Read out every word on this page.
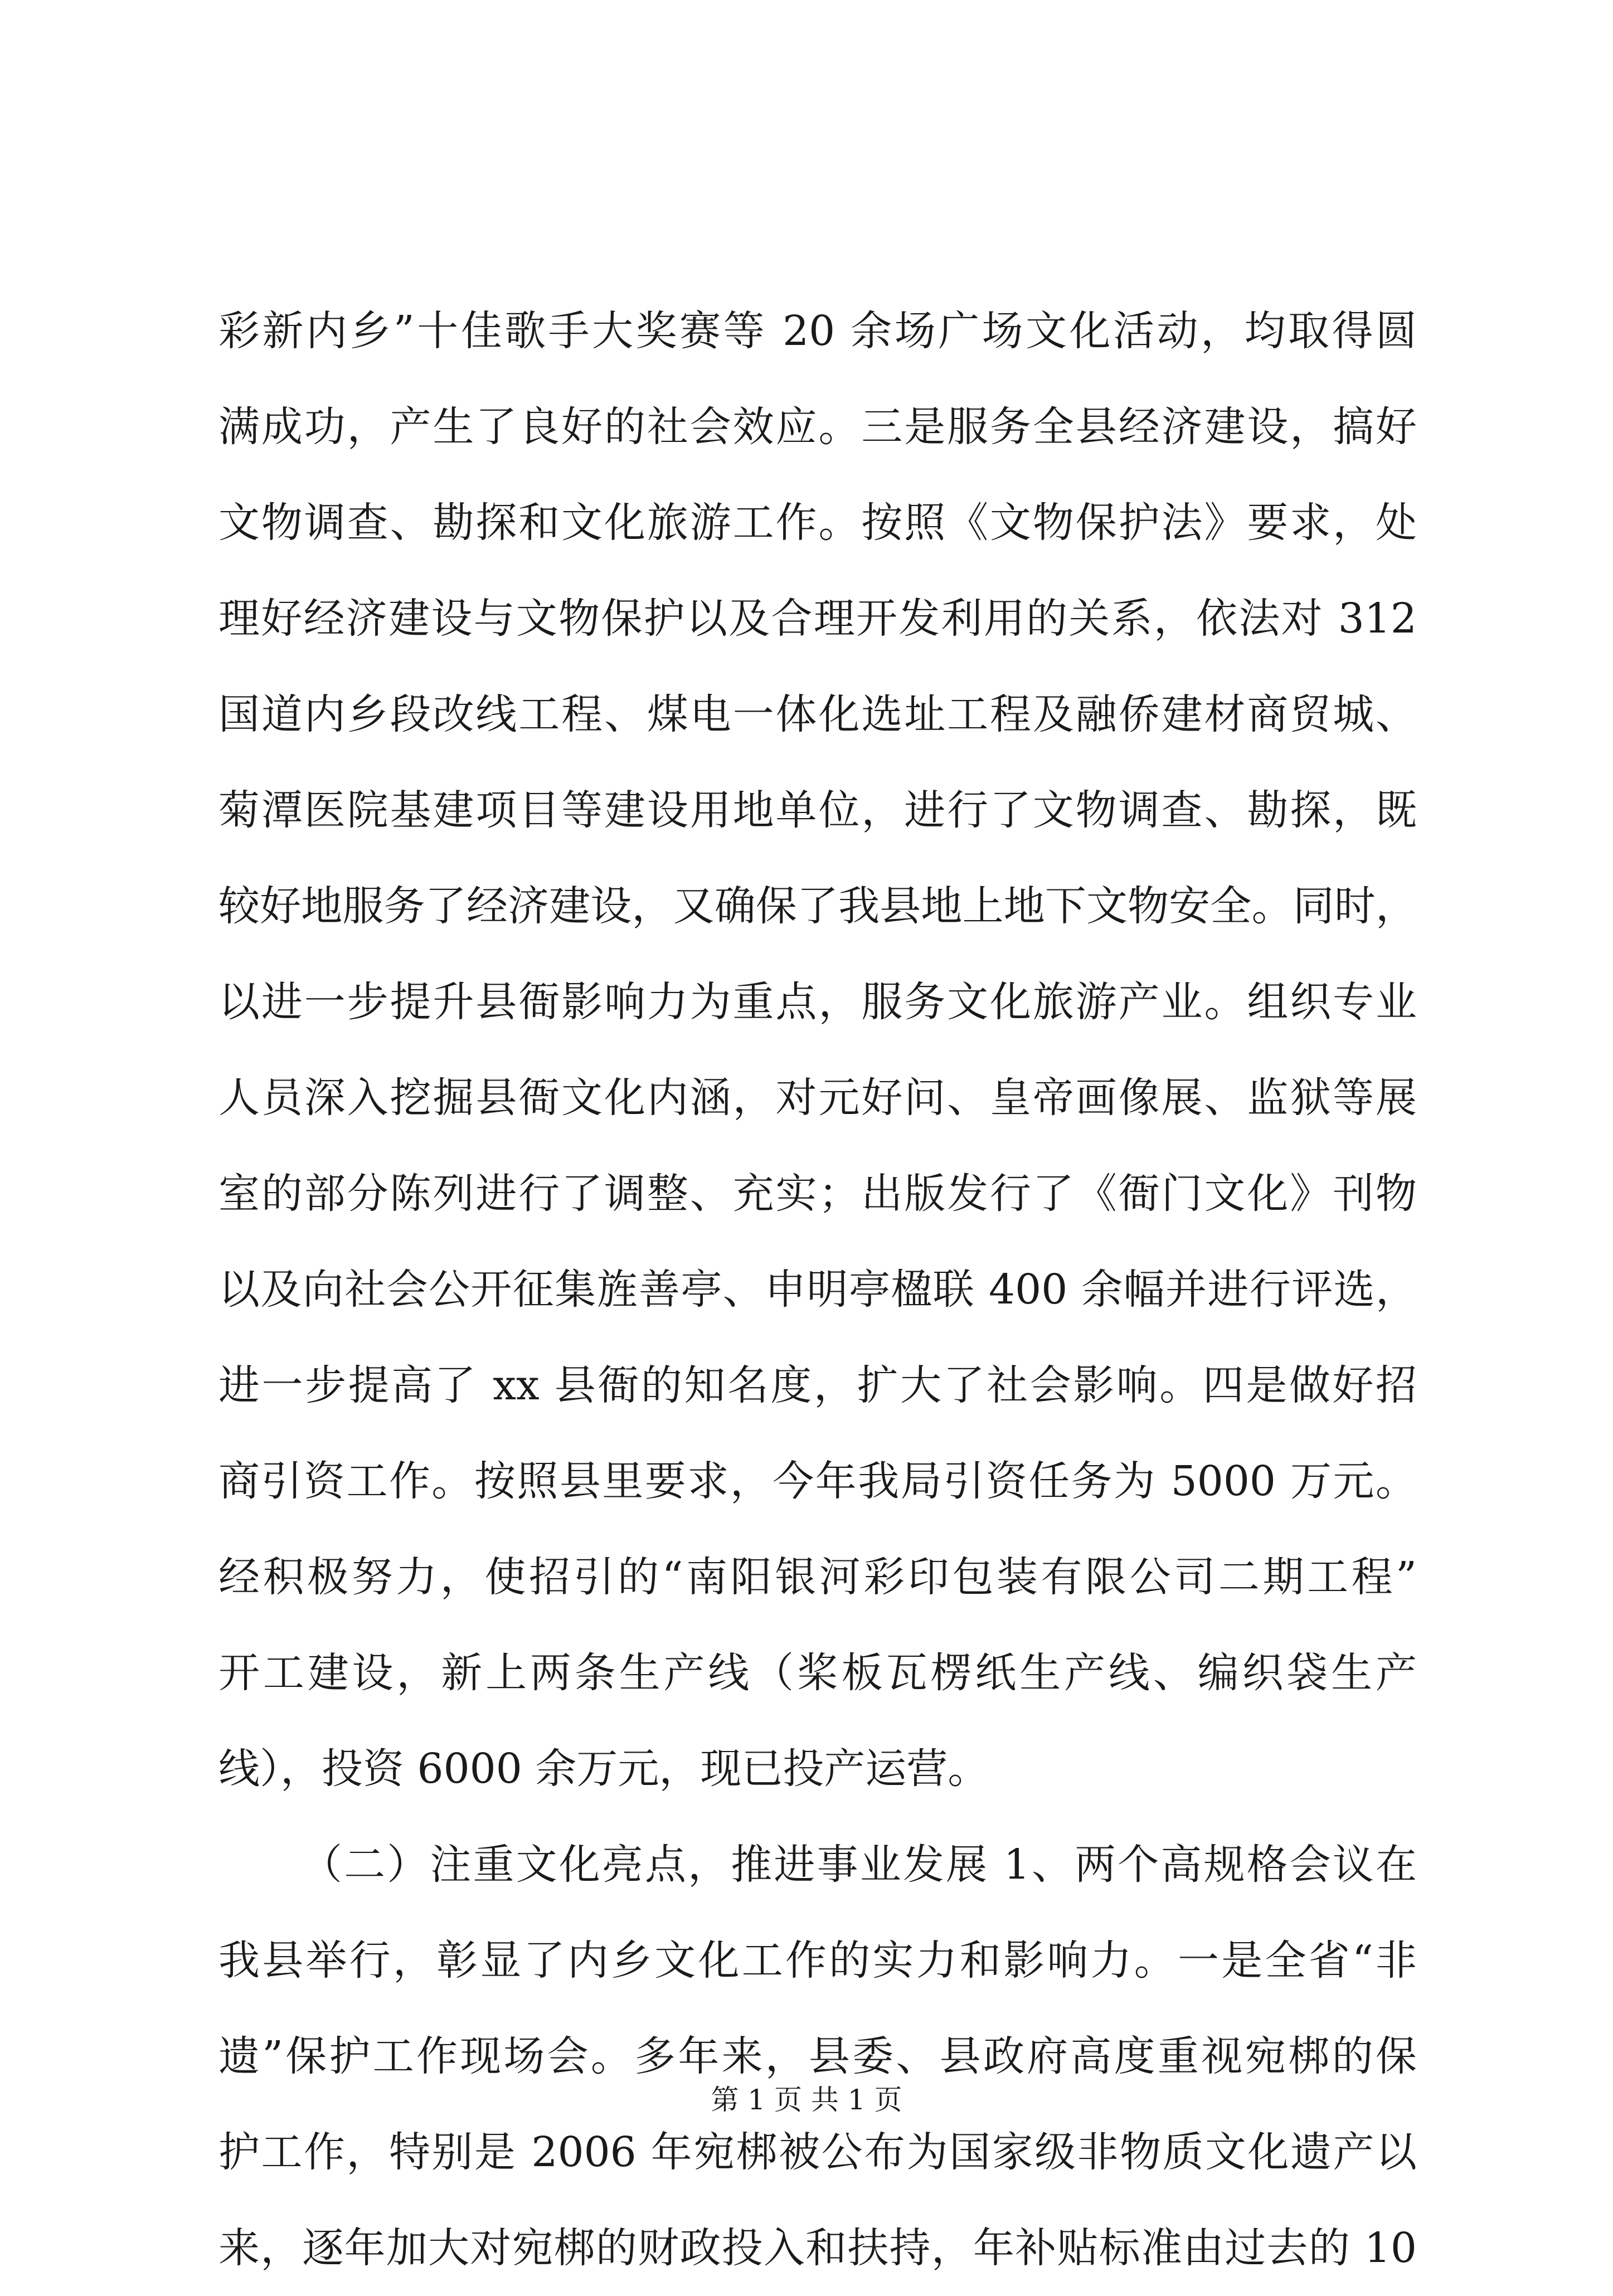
彩新内乡”十佳歌手大奖赛等 20 余场广场文化活动，均取得圆
满成功，产生了良好的社会效应。三是服务全县经济建设，搞好
文物调查、勘探和文化旅游工作。按照《文物保护法》要求，处
理好经济建设与文物保护以及合理开发利用的关系，依法对 312
国道内乡段改线工程、煤电一体化选址工程及融侨建材商贸城、
菊潭医院基建项目等建设用地单位，进行了文物调查、勘探，既
较好地服务了经济建设，又确保了我县地上地下文物安全。同时，
以进一步提升县衙影响力为重点，服务文化旅游产业。组织专业
人员深入挖掘县衙文化内涵，对元好问、皇帝画像展、监狱等展
室的部分陈列进行了调整、充实；出版发行了《衙门文化》刊物
以及向社会公开征集旌善亭、申明亭楹联 400 余幅并进行评选，
进一步提高了 xx 县衙的知名度，扩大了社会影响。四是做好招
商引资工作。按照县里要求，今年我局引资任务为 5000 万元。
经积极努力，使招引的“南阳银河彩印包装有限公司二期工程”
开工建设，新上两条生产线（桨板瓦楞纸生产线、编织袋生产
线），投资 6000 余万元，现已投产运营。
（二）注重文化亮点，推进事业发展 1、两个高规格会议在
我县举行，彰显了内乡文化工作的实力和影响力。一是全省“非
遗”保护工作现场会。多年来，县委、县政府高度重视宛梆的保
护工作，特别是 2006 年宛梆被公布为国家级非物质文化遗产以
来，逐年加大对宛梆的财政投入和扶持，年补贴标准由过去的 10
第 1 页 共 1 页
